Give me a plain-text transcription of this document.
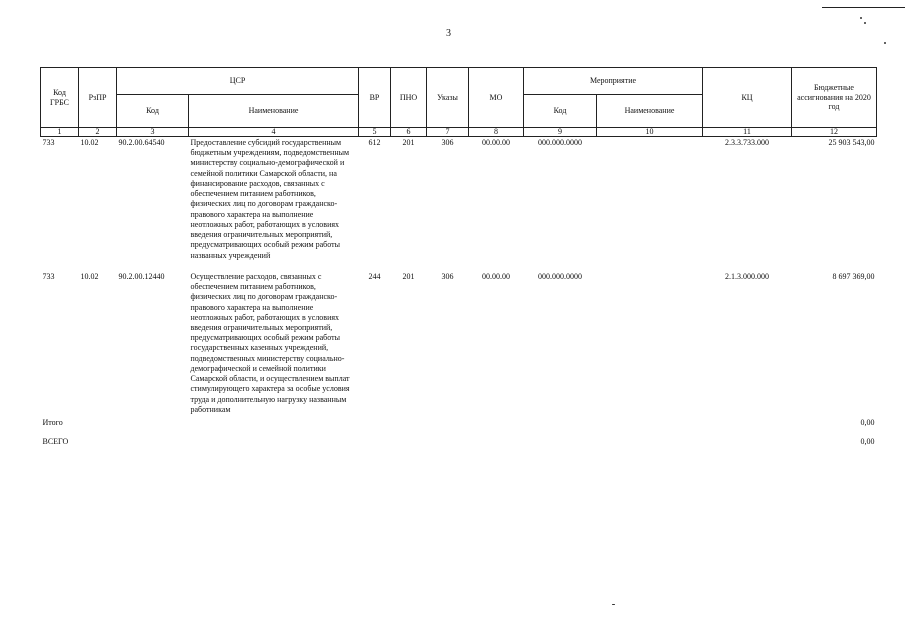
3
Код ГРБС	РзПР	ЦСР		ВР	ПНО	Указы	МО	Мероприятие		КЦ	Бюджетные ассигнования на 2020 год
		Код	Наименование					Код	Наименование		
1	2	3	4	5	6	7	8	9	10	11	12
733	10.02	90.2.00.64540	Предоставление субсидий государственным бюджетным учреждениям, подведомственным министерству социально-демографической и семейной политики Самарской области, на финансирование расходов, связанных с обеспечением питанием работников, физических лиц по договорам гражданско-правового характера на выполнение неотложных работ, работающих в условиях введения ограничительных мероприятий, предусматривающих особый режим работы названных учреждений	612	201	306	00.00.00	000.000.0000		2.3.3.733.000	25 903 543,00
733	10.02	90.2.00.12440	Осуществление расходов, связанных с обеспечением питанием работников, физических лиц по договорам гражданско-правового характера на выполнение неотложных работ, работающих в условиях введения ограничительных мероприятий, предусматривающих особый режим работы государственных казенных учреждений, подведомственных министерству социально-демографической и семейной политики Самарской области, и осуществлением выплат стимулирующего характера за особые условия труда и дополнительную нагрузку названным работникам	244	201	306	00.00.00	000.000.0000		2.1.3.000.000	8 697 369,00
Итого											0,00
ВСЕГО											0,00
